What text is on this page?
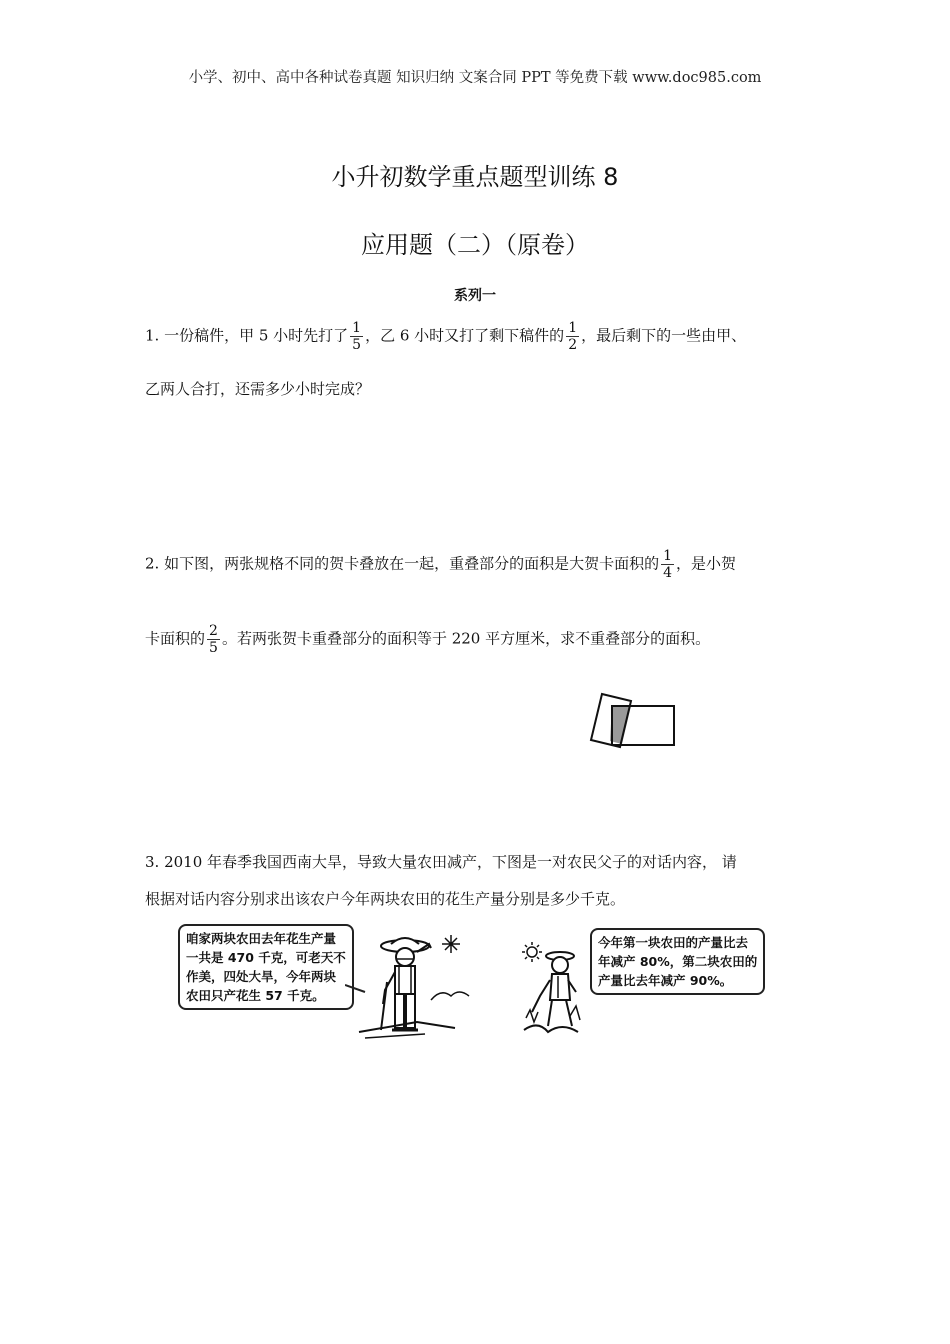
小学、初中、高中各种试卷真题 知识归纳 文案合同 PPT 等免费下载 www.doc985.com
小升初数学重点题型训练 8
应用题（二）（原卷）
系列一
1. 一份稿件，甲 5 小时先打了 $\frac{1}{5}$ ，乙 6 小时又打了剩下稿件的 $\frac{1}{2}$ ，最后剩下的一些由甲、
乙两人合打，还需多少小时完成？
2. 如下图，两张规格不同的贺卡叠放在一起，重叠部分的面积是大贺卡面积的 $\frac{1}{4}$ ，是小贺
卡面积的 $\frac{2}{5}$ 。若两张贺卡重叠部分的面积等于 220 平方厘米，求不重叠部分的面积。
3. 2010 年春季我国西南大旱，导致大量农田减产，下图是一对农民父子的对话内容， 请
根据对话内容分别求出该农户今年两块农田的花生产量分别是多少千克。
咱家两块农田去年花生产量
一共是 470 千克，可老天不
作美，四处大旱，今年两块
农田只产花生 57 千克。
今年第一块农田的产量比去
年减产 80%，第二块农田的
产量比去年减产 90%。
